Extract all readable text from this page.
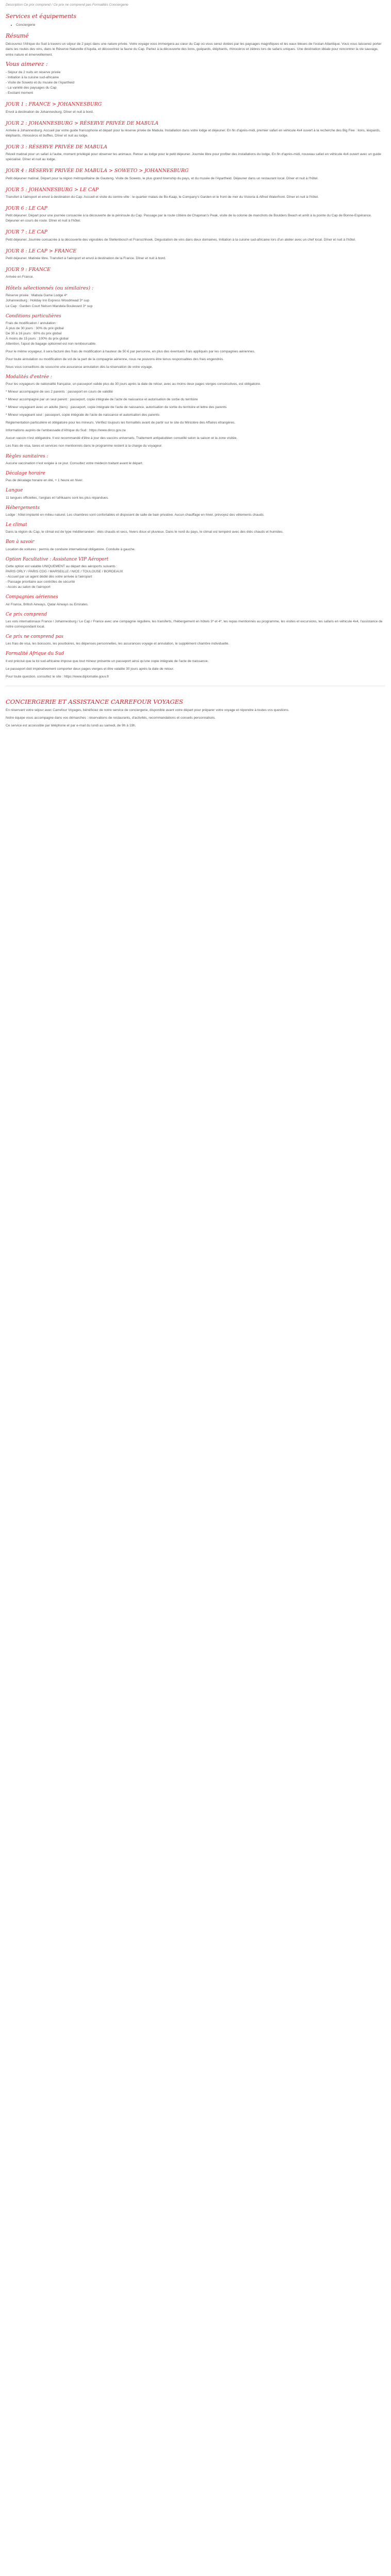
Description Ce prix comprend / Ce prix ne comprend pas Formalités Conciergerie

Services et équipements
• Conciergerie
Résumé

Découvrez l'Afrique du Sud à travers un séjour de 2 pays dans une nature privée. Votre voyage vous immergera au cœur du Cap où vous serez dotées par les paysages magnifiques et les eaux bleues de l'océan Atlantique. Vous vous laisserez porter dans les routes des vins, dans le Réserve Naturelle d'Aquila, et découvrirez la faune du Cap. Partez à la découverte des lions, guépards, éléphants, rhinocéros et zèbres lors de safaris uniques. Une destination idéale pour rencontrer la vie sauvage, entre nature et émerveillement.

Vous aimerez :
- Séjour de 2 nuits en réserve privée
- Initiation à la cuisine sud-africaine
- Visite de Soweto et du musée de l'Apartheid
- La variété des paysages du Cap
- Excitant moment
JOUR 1 : FRANCE > JOHANNESBURG

Envol à destination de Johannesburg. Dîner et nuit à bord.

JOUR 2 : JOHANNESBURG > RÉSERVE PRIVÉE DE MABULA

Arrivée à Johannesburg. Accueil par votre guide francophone et départ pour la réserve privée de Mabula. Installation dans votre lodge et déjeuner. En fin d'après-midi, premier safari en véhicule 4x4 ouvert à la recherche des Big Five : lions, léopards, éléphants, rhinocéros et buffles. Dîner et nuit au lodge.

JOUR 3 : RÉSERVE PRIVÉE DE MABULA

Réveil matinal pour un safari à l'aube, moment privilégié pour observer les animaux. Retour au lodge pour le petit déjeuner. Journée libre pour profiter des installations du lodge. En fin d'après-midi, nouveau safari en véhicule 4x4 ouvert avec un guide spécialisé. Dîner et nuit au lodge.

JOUR 4 : RÉSERVE PRIVÉE DE MABULA > SOWETO > JOHANNESBURG

Petit déjeuner matinal. Départ pour la région métropolitaine de Gauteng. Visite de Soweto, le plus grand township du pays, et du musée de l'Apartheid. Déjeuner dans un restaurant local. Dîner et nuit à l'hôtel.

JOUR 5 : JOHANNESBURG > LE CAP

Transfert à l'aéroport et envol à destination du Cap. Accueil et visite du centre-ville : le quartier malais de Bo-Kaap, le Company's Garden et le front de mer du Victoria & Alfred Waterfront. Dîner et nuit à l'hôtel.

JOUR 6 : LE CAP

Petit déjeuner. Départ pour une journée consacrée à la découverte de la péninsule du Cap. Passage par la route côtière de Chapman's Peak, visite de la colonie de manchots de Boulders Beach et arrêt à la pointe du Cap de Bonne-Espérance. Déjeuner en cours de route. Dîner et nuit à l'hôtel.

JOUR 7 : LE CAP

Petit déjeuner. Journée consacrée à la découverte des vignobles de Stellenbosch et Franschhoek. Dégustation de vins dans deux domaines. Initiation à la cuisine sud-africaine lors d'un atelier avec un chef local. Dîner et nuit à l'hôtel.

JOUR 8 : LE CAP > FRANCE

Petit déjeuner. Matinée libre. Transfert à l'aéroport et envol à destination de la France. Dîner et nuit à bord.

JOUR 9 : FRANCE

Arrivée en France.

Hôtels sélectionnés (ou similaires) :
Réserve privée : Mabula Game Lodge 4*
Johannesburg : Holiday Inn Express Woodmead 3* sup
Le Cap : Garden Court Nelson Mandela Boulevard 3* sup
Conditions particulières
Frais de modification / annulation :
À plus de 30 jours : 30% du prix global
De 30 à 16 jours : 60% du prix global
À moins de 15 jours : 100% du prix global
Attention, l'ajout de bagage optionnel est non remboursable.

Pour le même voyageur, il sera facturé des frais de modification à hauteur de 50 € par personne, en plus des éventuels frais appliqués par les compagnies aériennes.

Pour toute annulation ou modification de vol de la part de la compagnie aérienne, nous ne pouvons être tenus responsables des frais engendrés.

Nous vous conseillons de souscrire une assurance annulation dès la réservation de votre voyage.

Modalités d'entrée :

Pour les voyageurs de nationalité française, un passeport valide plus de 30 jours après la date de retour, avec au moins deux pages vierges consécutives, est obligatoire.

* Mineur accompagné de ses 2 parents : passeport en cours de validité

* Mineur accompagné par un seul parent : passeport, copie intégrale de l'acte de naissance et autorisation de sortie du territoire

* Mineur voyageant avec un adulte (tiers) : passeport, copie intégrale de l'acte de naissance, autorisation de sortie du territoire et lettre des parents

* Mineur voyageant seul : passeport, copie intégrale de l'acte de naissance et autorisation des parents

Réglementation particulière et obligatoire pour les mineurs. Vérifiez toujours les formalités avant de partir sur le site du Ministère des Affaires étrangères.

Informations auprès de l'ambassade d'Afrique du Sud : https://www.dirco.gov.za

Aucun vaccin n'est obligatoire. Il est recommandé d'être à jour des vaccins universels. Traitement antipaludéen conseillé selon la saison et la zone visitée.

Les frais de visa, taxes et services non mentionnés dans le programme restent à la charge du voyageur.

Règles sanitaires :

Aucune vaccination n'est exigée à ce jour. Consultez votre médecin traitant avant le départ.

Décalage horaire

Pas de décalage horaire en été, + 1 heure en hiver.

Langue

11 langues officielles, l'anglais et l'afrikaans sont les plus répandues.

Hébergements

Lodge : hôtel implanté en milieu naturel. Les chambres sont confortables et disposent de salle de bain privative. Aucun chauffage en hiver, prévoyez des vêtements chauds.

Le climat

Dans la région du Cap, le climat est de type méditerranéen : étés chauds et secs, hivers doux et pluvieux. Dans le nord du pays, le climat est tempéré avec des étés chauds et humides.

Bon à savoir

Location de voitures : permis de conduire international obligatoire. Conduite à gauche.

Option Facultative : Assistance VIP Aéroport
Cette option est valable UNIQUEMENT au départ des aéroports suivants :
PARIS ORLY / PARIS CDG / MARSEILLE / NICE / TOULOUSE / BORDEAUX
- Accueil par un agent dédié dès votre arrivée à l'aéroport
- Passage prioritaire aux contrôles de sécurité
- Accès au salon de l'aéroport
Compagnies aériennes

Air France, British Airways, Qatar Airways ou Emirates.

Ce prix comprend

Les vols internationaux France / Johannesburg / Le Cap / France avec une compagnie régulière, les transferts, l'hébergement en hôtels 3* et 4*, les repas mentionnés au programme, les visites et excursions, les safaris en véhicule 4x4, l'assistance de notre correspondant local.

Ce prix ne comprend pas

Les frais de visa, les boissons, les pourboires, les dépenses personnelles, les assurances voyage et annulation, le supplément chambre individuelle.

Formalité Afrique du Sud

Il est précisé que la loi sud-africaine impose que tout mineur présente un passeport ainsi qu'une copie intégrale de l'acte de naissance.

Le passeport doit impérativement comporter deux pages vierges et être valable 30 jours après la date de retour.

Pour toute question, consultez le site : https://www.diplomatie.gouv.fr

CONCIERGERIE ET ASSISTANCE CARREFOUR VOYAGES

En réservant votre séjour avec Carrefour Voyages, bénéficiez de notre service de conciergerie, disponible avant votre départ pour préparer votre voyage et répondre à toutes vos questions.

Notre équipe vous accompagne dans vos démarches : réservations de restaurants, d'activités, recommandations et conseils personnalisés.

Ce service est accessible par téléphone et par e-mail du lundi au samedi, de 9h à 19h.
